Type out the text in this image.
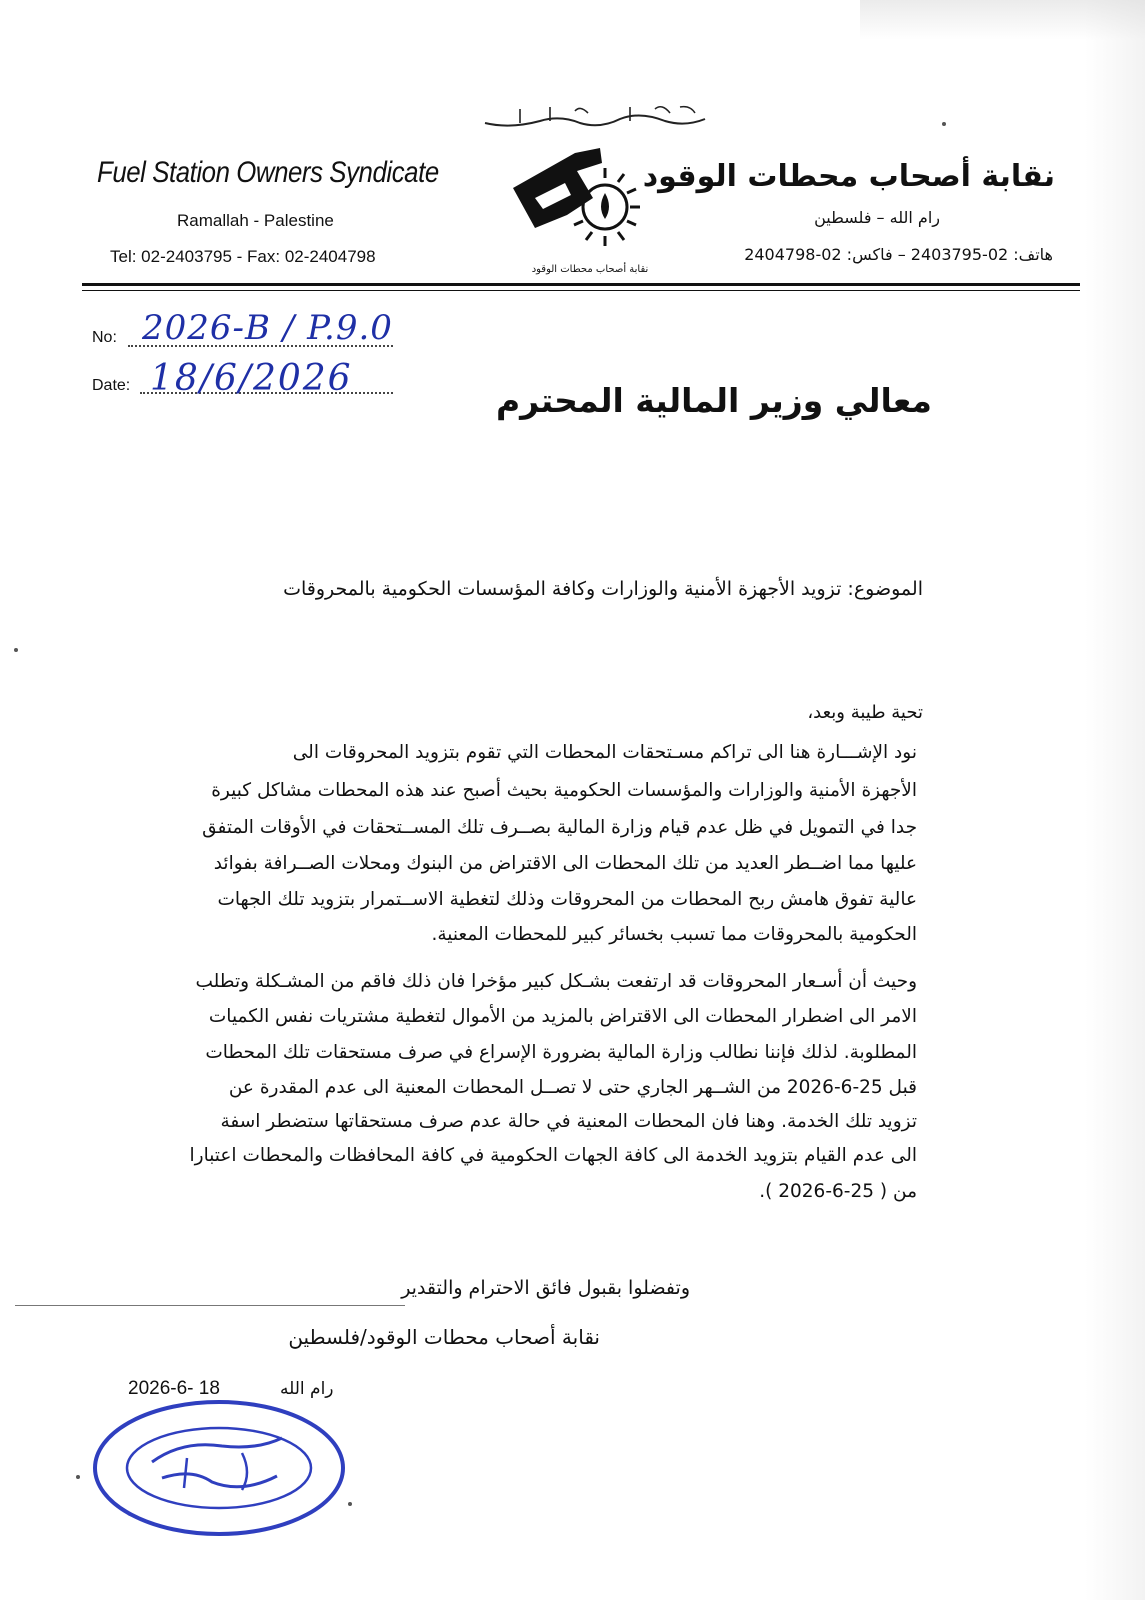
Fuel Station Owners Syndicate
Ramallah - Palestine
Tel: 02-2403795 - Fax: 02-2404798
نقابة أصحاب محطات الوقود
رام الله – فلسطين
هاتف: 02-2403795 – فاكس: 02-2404798
نقابة أصحاب محطات الوقود
No: 2026-B / P.9.0
Date: 18/6/2026
معالي وزير المالية المحترم
الموضوع: تزويد الأجهزة الأمنية والوزارات وكافة المؤسسات الحكومية بالمحروقات
تحية طيبة وبعد،
نود الإشـــارة هنا الى تراكم مسـتحقات المحطات التي تقوم بتزويد المحروقات الى
الأجهزة الأمنية والوزارات والمؤسسات الحكومية بحيث أصبح عند هذه المحطات مشاكل كبيرة
جدا في التمويل في ظل عدم قيام وزارة المالية بصــرف تلك المســتحقات في الأوقات المتفق
عليها مما اضــطر العديد من تلك المحطات الى الاقتراض من البنوك ومحلات الصــرافة بفوائد
عالية تفوق هامش ربح المحطات من المحروقات وذلك لتغطية الاســتمرار بتزويد تلك الجهات
الحكومية بالمحروقات مما تسبب بخسائر كبير للمحطات المعنية.
وحيث أن أسـعار المحروقات قد ارتفعت بشـكل كبير مؤخرا فان ذلك فاقم من المشـكلة وتطلب
الامر الى اضطرار المحطات الى الاقتراض بالمزيد من الأموال لتغطية مشتريات نفس الكميات
المطلوبة. لذلك فإننا نطالب وزارة المالية بضرورة الإسراع في صرف مستحقات تلك المحطات
قبل 25-6-2026 من الشــهر الجاري حتى لا تصــل المحطات المعنية الى عدم المقدرة عن
تزويد تلك الخدمة. وهنا فان المحطات المعنية في حالة عدم صرف مستحقاتها ستضطر اسفة
الى عدم القيام بتزويد الخدمة الى كافة الجهات الحكومية في كافة المحافظات والمحطات اعتبارا
من ( 25-6-2026 ).
وتفضلوا بقبول فائق الاحترام والتقدير
نقابة أصحاب محطات الوقود/فلسطين
رام الله
2026-6- 18
